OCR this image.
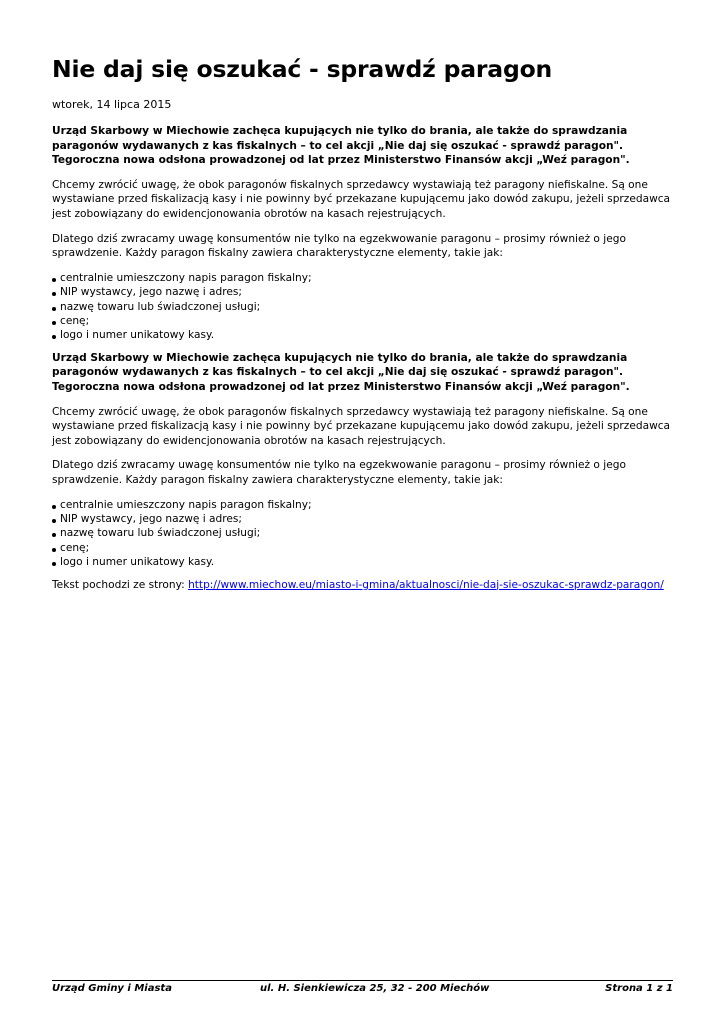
Nie daj się oszukać - sprawdź paragon
wtorek, 14 lipca 2015

Urząd Skarbowy w Miechowie zachęca kupujących nie tylko do brania, ale także do sprawdzania paragonów wydawanych z kas fiskalnych – to cel akcji „Nie daj się oszukać - sprawdź paragon". Tegoroczna nowa odsłona prowadzonej od lat przez Ministerstwo Finansów akcji „Weź paragon".

Chcemy zwrócić uwagę, że obok paragonów fiskalnych sprzedawcy wystawiają też paragony niefiskalne. Są one wystawiane przed fiskalizacją kasy i nie powinny być przekazane kupującemu jako dowód zakupu, jeżeli sprzedawca jest zobowiązany do ewidencjonowania obrotów na kasach rejestrujących.

Dlatego dziś zwracamy uwagę konsumentów nie tylko na egzekwowanie paragonu – prosimy również o jego sprawdzenie. Każdy paragon fiskalny zawiera charakterystyczne elementy, takie jak:

centralnie umieszczony napis paragon fiskalny;
NIP wystawcy, jego nazwę i adres;
nazwę towaru lub świadczonej usługi;
cenę;
logo i numer unikatowy kasy.

Urząd Skarbowy w Miechowie zachęca kupujących nie tylko do brania, ale także do sprawdzania paragonów wydawanych z kas fiskalnych – to cel akcji „Nie daj się oszukać - sprawdź paragon". Tegoroczna nowa odsłona prowadzonej od lat przez Ministerstwo Finansów akcji „Weź paragon".

Chcemy zwrócić uwagę, że obok paragonów fiskalnych sprzedawcy wystawiają też paragony niefiskalne. Są one wystawiane przed fiskalizacją kasy i nie powinny być przekazane kupującemu jako dowód zakupu, jeżeli sprzedawca jest zobowiązany do ewidencjonowania obrotów na kasach rejestrujących.

Dlatego dziś zwracamy uwagę konsumentów nie tylko na egzekwowanie paragonu – prosimy również o jego sprawdzenie. Każdy paragon fiskalny zawiera charakterystyczne elementy, takie jak:

centralnie umieszczony napis paragon fiskalny;
NIP wystawcy, jego nazwę i adres;
nazwę towaru lub świadczonej usługi;
cenę;
logo i numer unikatowy kasy.

Tekst pochodzi ze strony: http://www.miechow.eu/miasto-i-gmina/aktualnosci/nie-daj-sie-oszukac-sprawdz-paragon/

Urząd Gminy i Miasta	ul. H. Sienkiewicza 25, 32 - 200 Miechów	Strona 1 z 1
